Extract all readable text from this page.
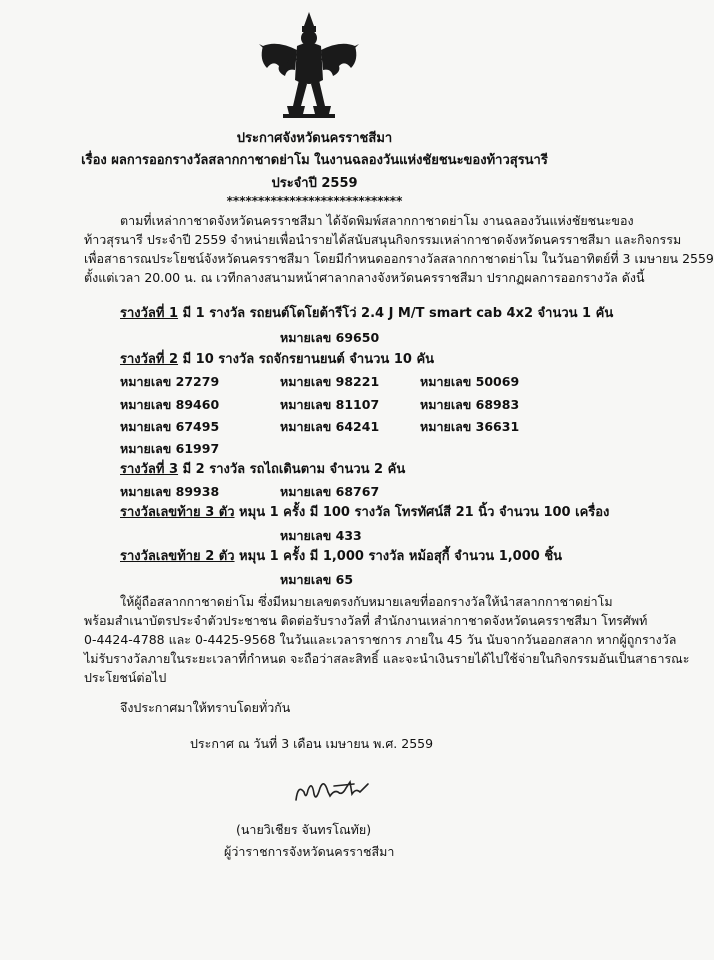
ประกาศจังหวัดนครราชสีมา
เรื่อง ผลการออกรางวัลสลากกาชาดย่าโม ในงานฉลองวันแห่งชัยชนะของท้าวสุรนารี
ประจำปี 2559
****************************
ตามที่เหล่ากาชาดจังหวัดนครราชสีมา ได้จัดพิมพ์สลากกาชาดย่าโม งานฉลองวันแห่งชัยชนะของ
ท้าวสุรนารี ประจำปี 2559 จำหน่ายเพื่อนำรายได้สนับสนุนกิจกรรมเหล่ากาชาดจังหวัดนครราชสีมา และกิจกรรม
เพื่อสาธารณประโยชน์จังหวัดนครราชสีมา โดยมีกำหนดออกรางวัลสลากกาชาดย่าโม ในวันอาทิตย์ที่ 3 เมษายน 2559
ตั้งแต่เวลา 20.00 น. ณ เวทีกลางสนามหน้าศาลากลางจังหวัดนครราชสีมา ปรากฏผลการออกรางวัล ดังนี้
รางวัลที่ 1 มี 1 รางวัล รถยนต์โตโยต้ารีโว่ 2.4 J M/T smart cab 4x2 จำนวน 1 คัน
หมายเลข 69650
รางวัลที่ 2 มี 10 รางวัล รถจักรยานยนต์ จำนวน 10 คัน
หมายเลข 27279	หมายเลข 98221	หมายเลข 50069
หมายเลข 89460	หมายเลข 81107	หมายเลข 68983
หมายเลข 67495	หมายเลข 64241	หมายเลข 36631
หมายเลข 61997
รางวัลที่ 3 มี 2 รางวัล รถไถเดินตาม จำนวน 2 คัน
หมายเลข 89938	หมายเลข 68767
รางวัลเลขท้าย 3 ตัว หมุน 1 ครั้ง มี 100 รางวัล โทรทัศน์สี 21 นิ้ว จำนวน 100 เครื่อง
หมายเลข 433
รางวัลเลขท้าย 2 ตัว หมุน 1 ครั้ง มี 1,000 รางวัล หม้อสุกี้ จำนวน 1,000 ชิ้น
หมายเลข 65
ให้ผู้ถือสลากกาชาดย่าโม ซึ่งมีหมายเลขตรงกับหมายเลขที่ออกรางวัลให้นำสลากกาชาดย่าโม
พร้อมสำเนาบัตรประจำตัวประชาชน ติดต่อรับรางวัลที่ สำนักงานเหล่ากาชาดจังหวัดนครราชสีมา โทรศัพท์
0-4424-4788 และ 0-4425-9568 ในวันและเวลาราชการ ภายใน 45 วัน นับจากวันออกสลาก หากผู้ถูกรางวัล
ไม่รับรางวัลภายในระยะเวลาที่กำหนด จะถือว่าสละสิทธิ์ และจะนำเงินรายได้ไปใช้จ่ายในกิจกรรมอันเป็นสาธารณะ
ประโยชน์ต่อไป
จึงประกาศมาให้ทราบโดยทั่วกัน
ประกาศ ณ วันที่ 3 เดือน เมษายน พ.ศ. 2559
(นายวิเชียร จันทรโณทัย)
ผู้ว่าราชการจังหวัดนครราชสีมา
